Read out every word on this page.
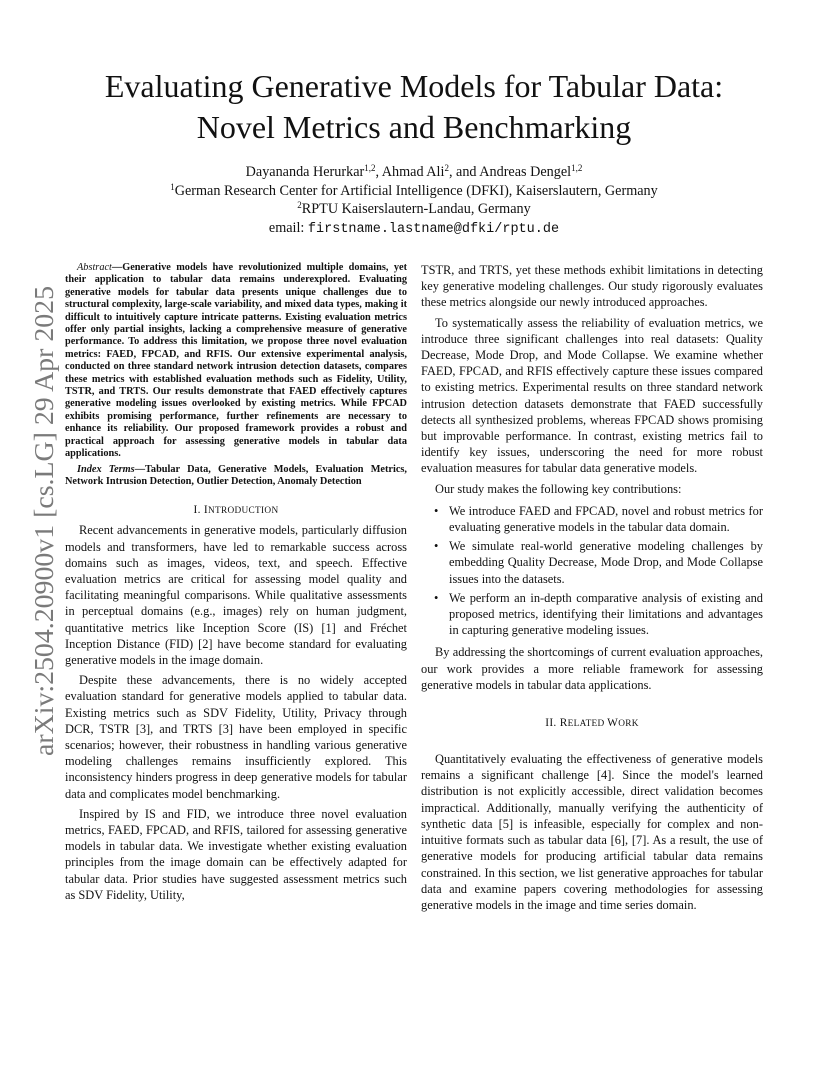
arXiv:2504.20900v1 [cs.LG] 29 Apr 2025
Evaluating Generative Models for Tabular Data:
Novel Metrics and Benchmarking
Dayananda Herurkar$^{1,2}$, Ahmad Ali$^2$, and Andreas Dengel$^{1,2}$
$^1$German Research Center for Artificial Intelligence (DFKI), Kaiserslautern, Germany
$^2$RPTU Kaiserslautern-Landau, Germany
email: firstname.lastname@dfki/rptu.de

Abstract—Generative models have revolutionized multiple domains, yet their application to tabular data remains underexplored. Evaluating generative models for tabular data presents unique challenges due to structural complexity, large-scale variability, and mixed data types, making it difficult to intuitively capture intricate patterns. Existing evaluation metrics offer only partial insights, lacking a comprehensive measure of generative performance. To address this limitation, we propose three novel evaluation metrics: FAED, FPCAD, and RFIS. Our extensive experimental analysis, conducted on three standard network intrusion detection datasets, compares these metrics with established evaluation methods such as Fidelity, Utility, TSTR, and TRTS. Our results demonstrate that FAED effectively captures generative modeling issues overlooked by existing metrics. While FPCAD exhibits promising performance, further refinements are necessary to enhance its reliability. Our proposed framework provides a robust and practical approach for assessing generative models in tabular data applications.

Index Terms—Tabular Data, Generative Models, Evaluation Metrics, Network Intrusion Detection, Outlier Detection, Anomaly Detection

I. INTRODUCTION

Recent advancements in generative models, particularly diffusion models and transformers, have led to remarkable success across domains such as images, videos, text, and speech. Effective evaluation metrics are critical for assessing model quality and facilitating meaningful comparisons. While qualitative assessments in perceptual domains (e.g., images) rely on human judgment, quantitative metrics like Inception Score (IS) [1] and Fréchet Inception Distance (FID) [2] have become standard for evaluating generative models in the image domain.

Despite these advancements, there is no widely accepted evaluation standard for generative models applied to tabular data. Existing metrics such as SDV Fidelity, Utility, Privacy through DCR, TSTR [3], and TRTS [3] have been employed in specific scenarios; however, their robustness in handling various generative modeling challenges remains insufficiently explored. This inconsistency hinders progress in deep generative models for tabular data and complicates model benchmarking.

Inspired by IS and FID, we introduce three novel evaluation metrics, FAED, FPCAD, and RFIS, tailored for assessing generative models in tabular data. We investigate whether existing evaluation principles from the image domain can be effectively adapted for tabular data. Prior studies have suggested assessment metrics such as SDV Fidelity, Utility,

TSTR, and TRTS, yet these methods exhibit limitations in detecting key generative modeling challenges. Our study rigorously evaluates these metrics alongside our newly introduced approaches.

To systematically assess the reliability of evaluation metrics, we introduce three significant challenges into real datasets: Quality Decrease, Mode Drop, and Mode Collapse. We examine whether FAED, FPCAD, and RFIS effectively capture these issues compared to existing metrics. Experimental results on three standard network intrusion detection datasets demonstrate that FAED successfully detects all synthesized problems, whereas FPCAD shows promising but improvable performance. In contrast, existing metrics fail to identify key issues, underscoring the need for more robust evaluation measures for tabular data generative models.

Our study makes the following key contributions:

• We introduce FAED and FPCAD, novel and robust metrics for evaluating generative models in the tabular data domain.
• We simulate real-world generative modeling challenges by embedding Quality Decrease, Mode Drop, and Mode Collapse issues into the datasets.
• We perform an in-depth comparative analysis of existing and proposed metrics, identifying their limitations and advantages in capturing generative modeling issues.

By addressing the shortcomings of current evaluation approaches, our work provides a more reliable framework for assessing generative models in tabular data applications.

II. RELATED WORK

Quantitatively evaluating the effectiveness of generative models remains a significant challenge [4]. Since the model's learned distribution is not explicitly accessible, direct validation becomes impractical. Additionally, manually verifying the authenticity of synthetic data [5] is infeasible, especially for complex and non-intuitive formats such as tabular data [6], [7]. As a result, the use of generative models for producing artificial tabular data remains constrained. In this section, we list generative approaches for tabular data and examine papers covering methodologies for assessing generative models in the image and time series domain.
